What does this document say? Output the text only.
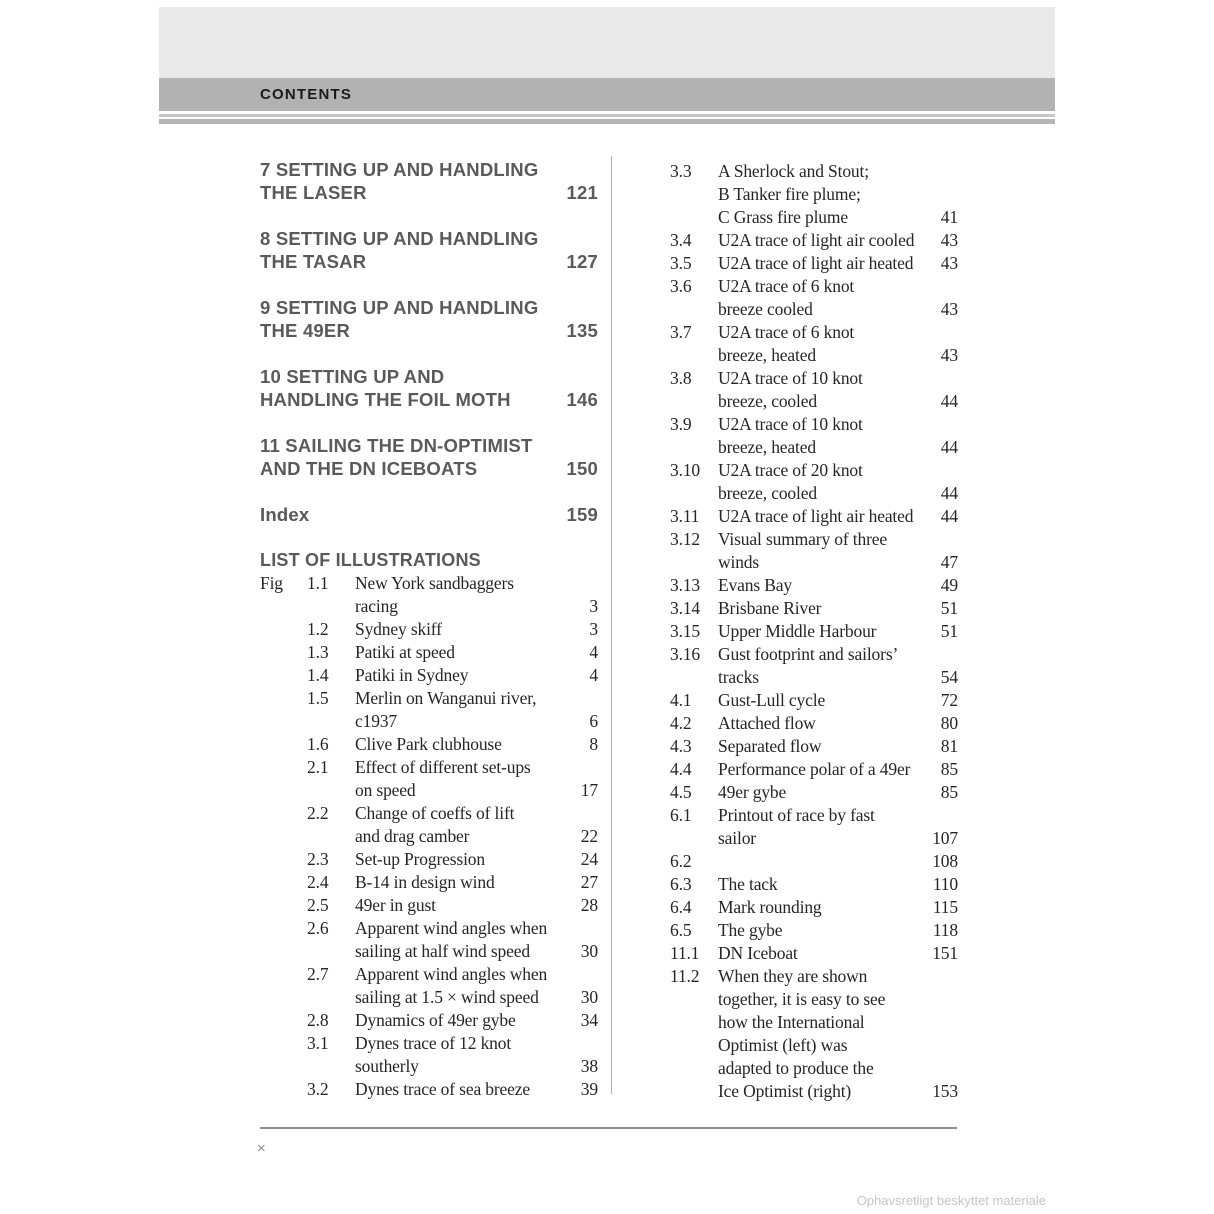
CONTENTS
7 SETTING UP AND HANDLING
THE LASER	121
8 SETTING UP AND HANDLING
THE TASAR	127
9 SETTING UP AND HANDLING
THE 49ER	135
10 SETTING UP AND
HANDLING THE FOIL MOTH	146
11 SAILING THE DN-OPTIMIST
AND THE DN ICEBOATS	150
Index	159
LIST OF ILLUSTRATIONS
Fig	1.1	New York sandbaggers
racing	3
1.2	Sydney skiff	3
1.3	Patiki at speed	4
1.4	Patiki in Sydney	4
1.5	Merlin on Wanganui river,
c1937	6
1.6	Clive Park clubhouse	8
2.1	Effect of different set-ups
on speed	17
2.2	Change of coeffs of lift
and drag camber	22
2.3	Set-up Progression	24
2.4	B-14 in design wind	27
2.5	49er in gust	28
2.6	Apparent wind angles when
sailing at half wind speed	30
2.7	Apparent wind angles when
sailing at 1.5 × wind speed	30
2.8	Dynamics of 49er gybe	34
3.1	Dynes trace of 12 knot
southerly	38
3.2	Dynes trace of sea breeze	39
3.3	A Sherlock and Stout;
B Tanker fire plume;
C Grass fire plume	41
3.4	U2A trace of light air cooled	43
3.5	U2A trace of light air heated	43
3.6	U2A trace of 6 knot
breeze cooled	43
3.7	U2A trace of 6 knot
breeze, heated	43
3.8	U2A trace of 10 knot
breeze, cooled	44
3.9	U2A trace of 10 knot
breeze, heated	44
3.10	U2A trace of 20 knot
breeze, cooled	44
3.11	U2A trace of light air heated	44
3.12	Visual summary of three
winds	47
3.13	Evans Bay	49
3.14	Brisbane River	51
3.15	Upper Middle Harbour	51
3.16	Gust footprint and sailors’
tracks	54
4.1	Gust-Lull cycle	72
4.2	Attached flow	80
4.3	Separated flow	81
4.4	Performance polar of a 49er	85
4.5	49er gybe	85
6.1	Printout of race by fast
sailor	107
6.2	108
6.3	The tack	110
6.4	Mark rounding	115
6.5	The gybe	118
11.1	DN Iceboat	151
11.2	When they are shown
together, it is easy to see
how the International
Optimist (left) was
adapted to produce the
Ice Optimist (right)	153
×
Ophavsretligt beskyttet materiale
